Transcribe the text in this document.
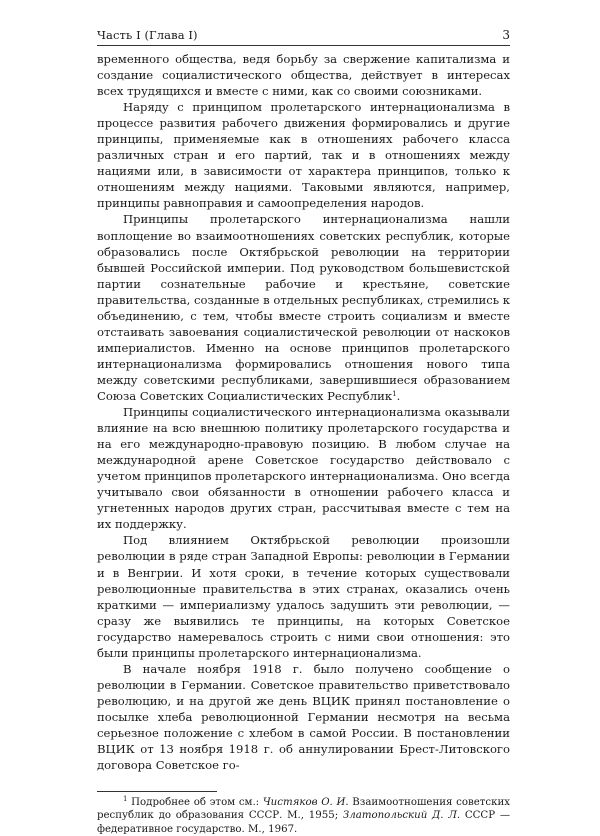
Часть I (Глава I)	3

временного общества, ведя борьбу за свержение капитализма и создание социалистического общества, действует в интересах всех трудящихся и вместе с ними, как со своими союзниками.

Наряду с принципом пролетарского интернационализма в процессе развития рабочего движения формировались и другие принципы, применяемые как в отношениях рабочего класса различных стран и его партий, так и в отношениях между нациями или, в зависимости от характера принципов, только к отношениям между нациями. Таковыми являются, например, принципы равноправия и самоопределения народов.

Принципы пролетарского интернационализма нашли воплощение во взаимоотношениях советских республик, которые образовались после Октябрьской революции на территории бывшей Российской империи. Под руководством большевистской партии сознательные рабочие и крестьяне, советские правительства, созданные в отдельных республиках, стремились к объединению, с тем, чтобы вместе строить социализм и вместе отстаивать завоевания социалистической революции от наскоков империалистов. Именно на основе принципов пролетарского интернационализма формировались отношения нового типа между советскими республиками, завершившиеся образованием Союза Советских Социалистических Республик$^1$.

Принципы социалистического интернационализма оказывали влияние на всю внешнюю политику пролетарского государства и на его международно-правовую позицию. В любом случае на международной арене Советское государство действовало с учетом принципов пролетарского интернационализма. Оно всегда учитывало свои обязанности в отношении рабочего класса и угнетенных народов других стран, рассчитывая вместе с тем на их поддержку.

Под влиянием Октябрьской революции произошли революции в ряде стран Западной Европы: революции в Германии и в Венгрии. И хотя сроки, в течение которых существовали революционные правительства в этих странах, оказались очень краткими — империализму удалось задушить эти революции, — сразу же выявились те принципы, на которых Советское государство намеревалось строить с ними свои отношения: это были принципы пролетарского интернационализма.

В начале ноября 1918 г. было получено сообщение о революции в Германии. Советское правительство приветствовало революцию, и на другой же день ВЦИК принял постановление о посылке хлеба революционной Германии несмотря на весьма серьезное положение с хлебом в самой России. В постановлении ВЦИК от 13 ноября 1918 г. об аннулировании Брест-Литовского договора Советское го-

$^1$ Подробнее об этом см.: Чистяков О. И. Взаимоотношения советских республик до образования СССР. М., 1955; Златопольский Д. Л. СССР — федеративное государство. М., 1967.
